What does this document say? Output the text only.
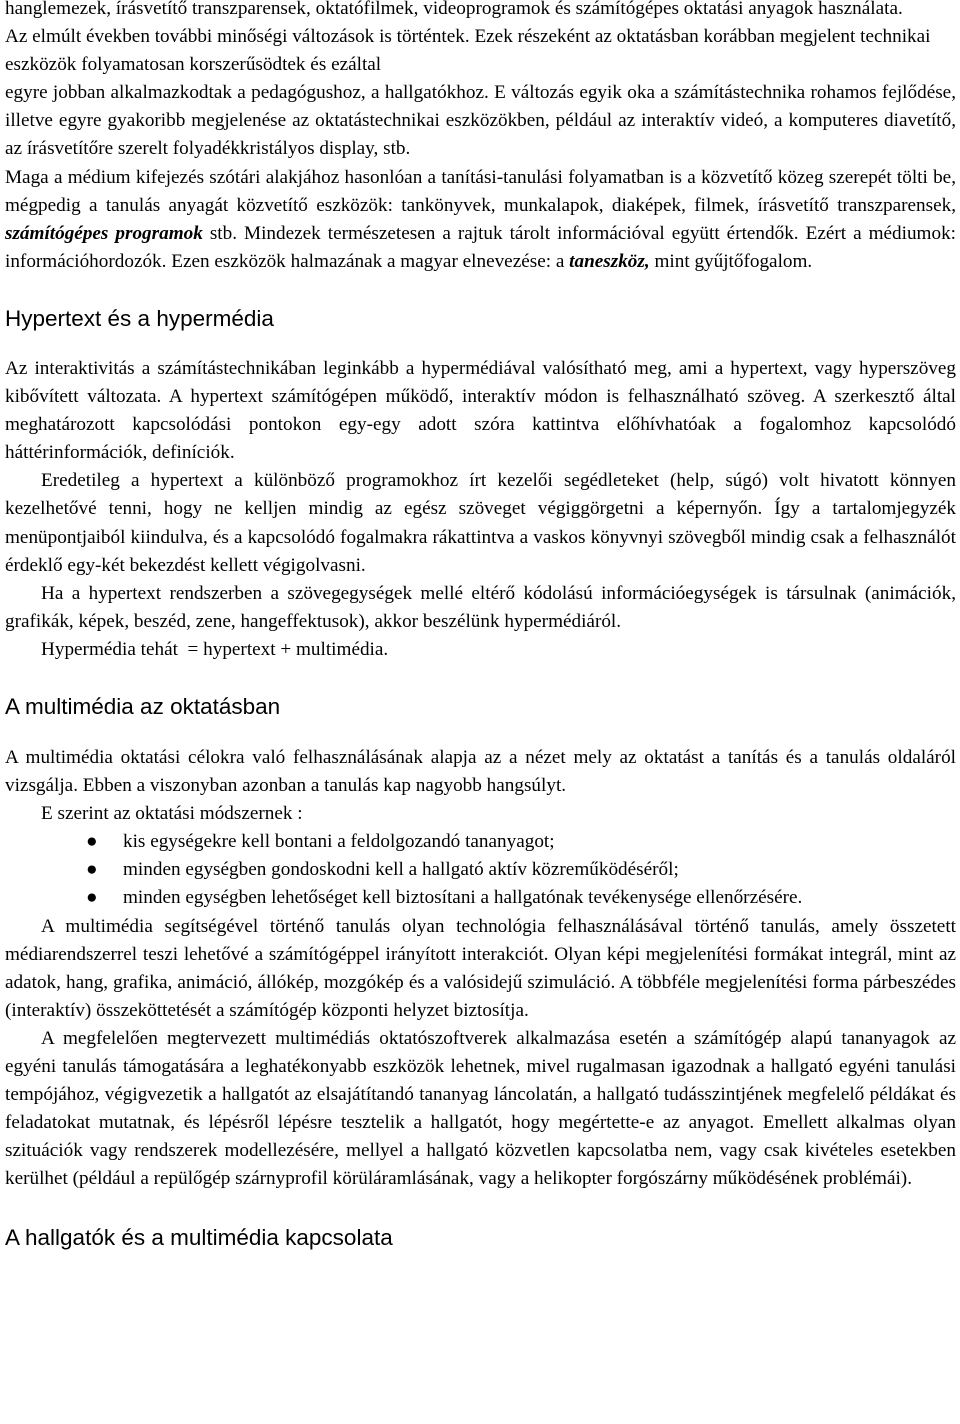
hanglemezek, írásvetítő transzparensek, oktatófilmek, videoprogramok és számítógépes oktatási anyagok használata.

Az elmúlt években további minőségi változások is történtek. Ezek részeként az oktatásban korábban megjelent technikai eszközök folyamatosan korszerűsödtek és ezáltal

egyre jobban alkalmazkodtak a pedagógushoz, a hallgatókhoz. E változás egyik oka a számítástechnika rohamos fejlődése, illetve egyre gyakoribb megjelenése az oktatástechnikai eszközökben, például az interaktív videó, a komputeres diavetítő, az írásvetítőre szerelt folyadékkristályos display, stb.

Maga a médium kifejezés szótári alakjához hasonlóan a tanítási-tanulási folyamatban is a közvetítő közeg szerepét tölti be, mégpedig a tanulás anyagát közvetítő eszközök: tankönyvek, munkalapok, diaképek, filmek, írásvetítő transzparensek, számítógépes programok stb. Mindezek természetesen a rajtuk tárolt információval együtt értendők. Ezért a médiumok: információhordozók. Ezen eszközök halmazának a magyar elnevezése: a taneszköz, mint gyűjtőfogalom.

Hypertext és a hypermédia

Az interaktivitás a számítástechnikában leginkább a hypermédiával valósítható meg, ami a hypertext, vagy hyperszöveg kibővített változata. A hypertext számítógépen működő, interaktív módon is felhasználható szöveg. A szerkesztő által meghatározott kapcsolódási pontokon egy-egy adott szóra kattintva előhívhatóak a fogalomhoz kapcsolódó háttérinformációk, definíciók.

Eredetileg a hypertext a különböző programokhoz írt kezelői segédleteket (help, súgó) volt hivatott könnyen kezelhetővé tenni, hogy ne kelljen mindig az egész szöveget végiggörgetni a képernyőn. Így a tartalomjegyzék menüpontjaiból kiindulva, és a kapcsolódó fogalmakra rákattintva a vaskos könyvnyi szövegből mindig csak a felhasználót érdeklő egy-két bekezdést kellett végigolvasni.

Ha a hypertext rendszerben a szövegegységek mellé eltérő kódolású információegységek is társulnak (animációk, grafikák, képek, beszéd, zene, hangeffektusok), akkor beszélünk hypermédiáról.

Hypermédia tehát  = hypertext + multimédia.

A multimédia az oktatásban

A multimédia oktatási célokra való felhasználásának alapja az a nézet mely az oktatást a tanítás és a tanulás oldaláról vizsgálja. Ebben a viszonyban azonban a tanulás kap nagyobb hangsúlyt.

E szerint az oktatási módszernek :

● kis egységekre kell bontani a feldolgozandó tananyagot;
● minden egységben gondoskodni kell a hallgató aktív közreműködéséről;
● minden egységben lehetőséget kell biztosítani a hallgatónak tevékenysége ellenőrzésére.

A multimédia segítségével történő tanulás olyan technológia felhasználásával történő tanulás, amely összetett médiarendszerrel teszi lehetővé a számítógéppel irányított interakciót. Olyan képi megjelenítési formákat integrál, mint az adatok, hang, grafika, animáció, állókép, mozgókép és a valósidejű szimuláció. A többféle megjelenítési forma párbeszédes (interaktív) összeköttetését a számítógép központi helyzet biztosítja.

A megfelelően megtervezett multimédiás oktatószoftverek alkalmazása esetén a számítógép alapú tananyagok az egyéni tanulás támogatására a leghatékonyabb eszközök lehetnek, mivel rugalmasan igazodnak a hallgató egyéni tanulási tempójához, végigvezetik a hallgatót az elsajátítandó tananyag láncolatán, a hallgató tudásszintjének megfelelő példákat és feladatokat mutatnak, és lépésről lépésre tesztelik a hallgatót, hogy megértette-e az anyagot. Emellett alkalmas olyan szituációk vagy rendszerek modellezésére, mellyel a hallgató közvetlen kapcsolatba nem, vagy csak kivételes esetekben kerülhet (például a repülőgép szárnyprofil körüláramlásának, vagy a helikopter forgószárny működésének problémái).

A hallgatók és a multimédia kapcsolata
